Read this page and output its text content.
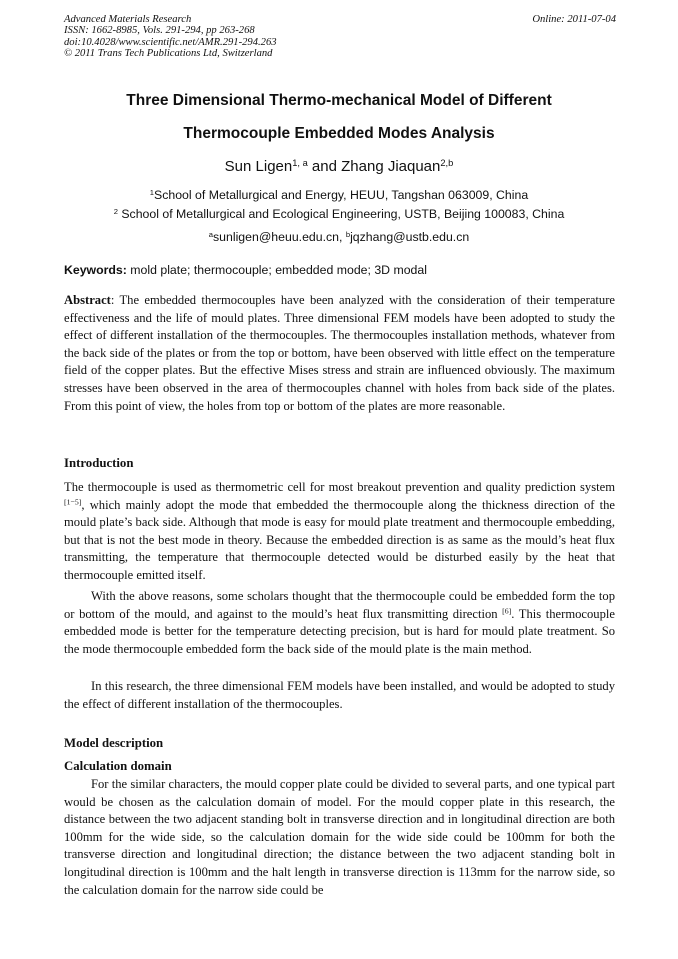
Advanced Materials Research
ISSN: 1662-8985, Vols. 291-294, pp 263-268
doi:10.4028/www.scientific.net/AMR.291-294.263
© 2011 Trans Tech Publications Ltd, Switzerland
Online: 2011-07-04
Three Dimensional Thermo-mechanical Model of Different
Thermocouple Embedded Modes Analysis
Sun Ligen$^{1, a}$ and Zhang Jiaquan$^{2,b}$
$^1$School of Metallurgical and Energy, HEUU, Tangshan 063009, China
$^2$ School of Metallurgical and Ecological Engineering, USTB, Beijing 100083, China
$^a$sunligen@heuu.edu.cn, $^b$jqzhang@ustb.edu.cn
Keywords: mold plate; thermocouple; embedded mode; 3D modal
Abstract: The embedded thermocouples have been analyzed with the consideration of their temperature effectiveness and the life of mould plates. Three dimensional FEM models have been adopted to study the effect of different installation of the thermocouples. The thermocouples installation methods, whatever from the back side of the plates or from the top or bottom, have been observed with little effect on the temperature field of the copper plates. But the effective Mises stress and strain are influenced obviously. The maximum stresses have been observed in the area of thermocouples channel with holes from back side of the plates. From this point of view, the holes from top or bottom of the plates are more reasonable.
Introduction
The thermocouple is used as thermometric cell for most breakout prevention and quality prediction system [1−5], which mainly adopt the mode that embedded the thermocouple along the thickness direction of the mould plate’s back side. Although that mode is easy for mould plate treatment and thermocouple embedding, but that is not the best mode in theory. Because the embedded direction is as same as the mould’s heat flux transmitting, the temperature that thermocouple detected would be disturbed easily by the heat that thermocouple emitted itself.
With the above reasons, some scholars thought that the thermocouple could be embedded form the top or bottom of the mould, and against to the mould’s heat flux transmitting direction [6]. This thermocouple embedded mode is better for the temperature detecting precision, but is hard for mould plate treatment. So the mode thermocouple embedded form the back side of the mould plate is the main method.
In this research, the three dimensional FEM models have been installed, and would be adopted to study the effect of different installation of the thermocouples.
Model description
Calculation domain
For the similar characters, the mould copper plate could be divided to several parts, and one typical part would be chosen as the calculation domain of model. For the mould copper plate in this research, the distance between the two adjacent standing bolt in transverse direction and in longitudinal direction are both 100mm for the wide side, so the calculation domain for the wide side could be 100mm for both the transverse direction and longitudinal direction; the distance between the two adjacent standing bolt in longitudinal direction is 100mm and the halt length in transverse direction is 113mm for the narrow side, so the calculation domain for the narrow side could be
